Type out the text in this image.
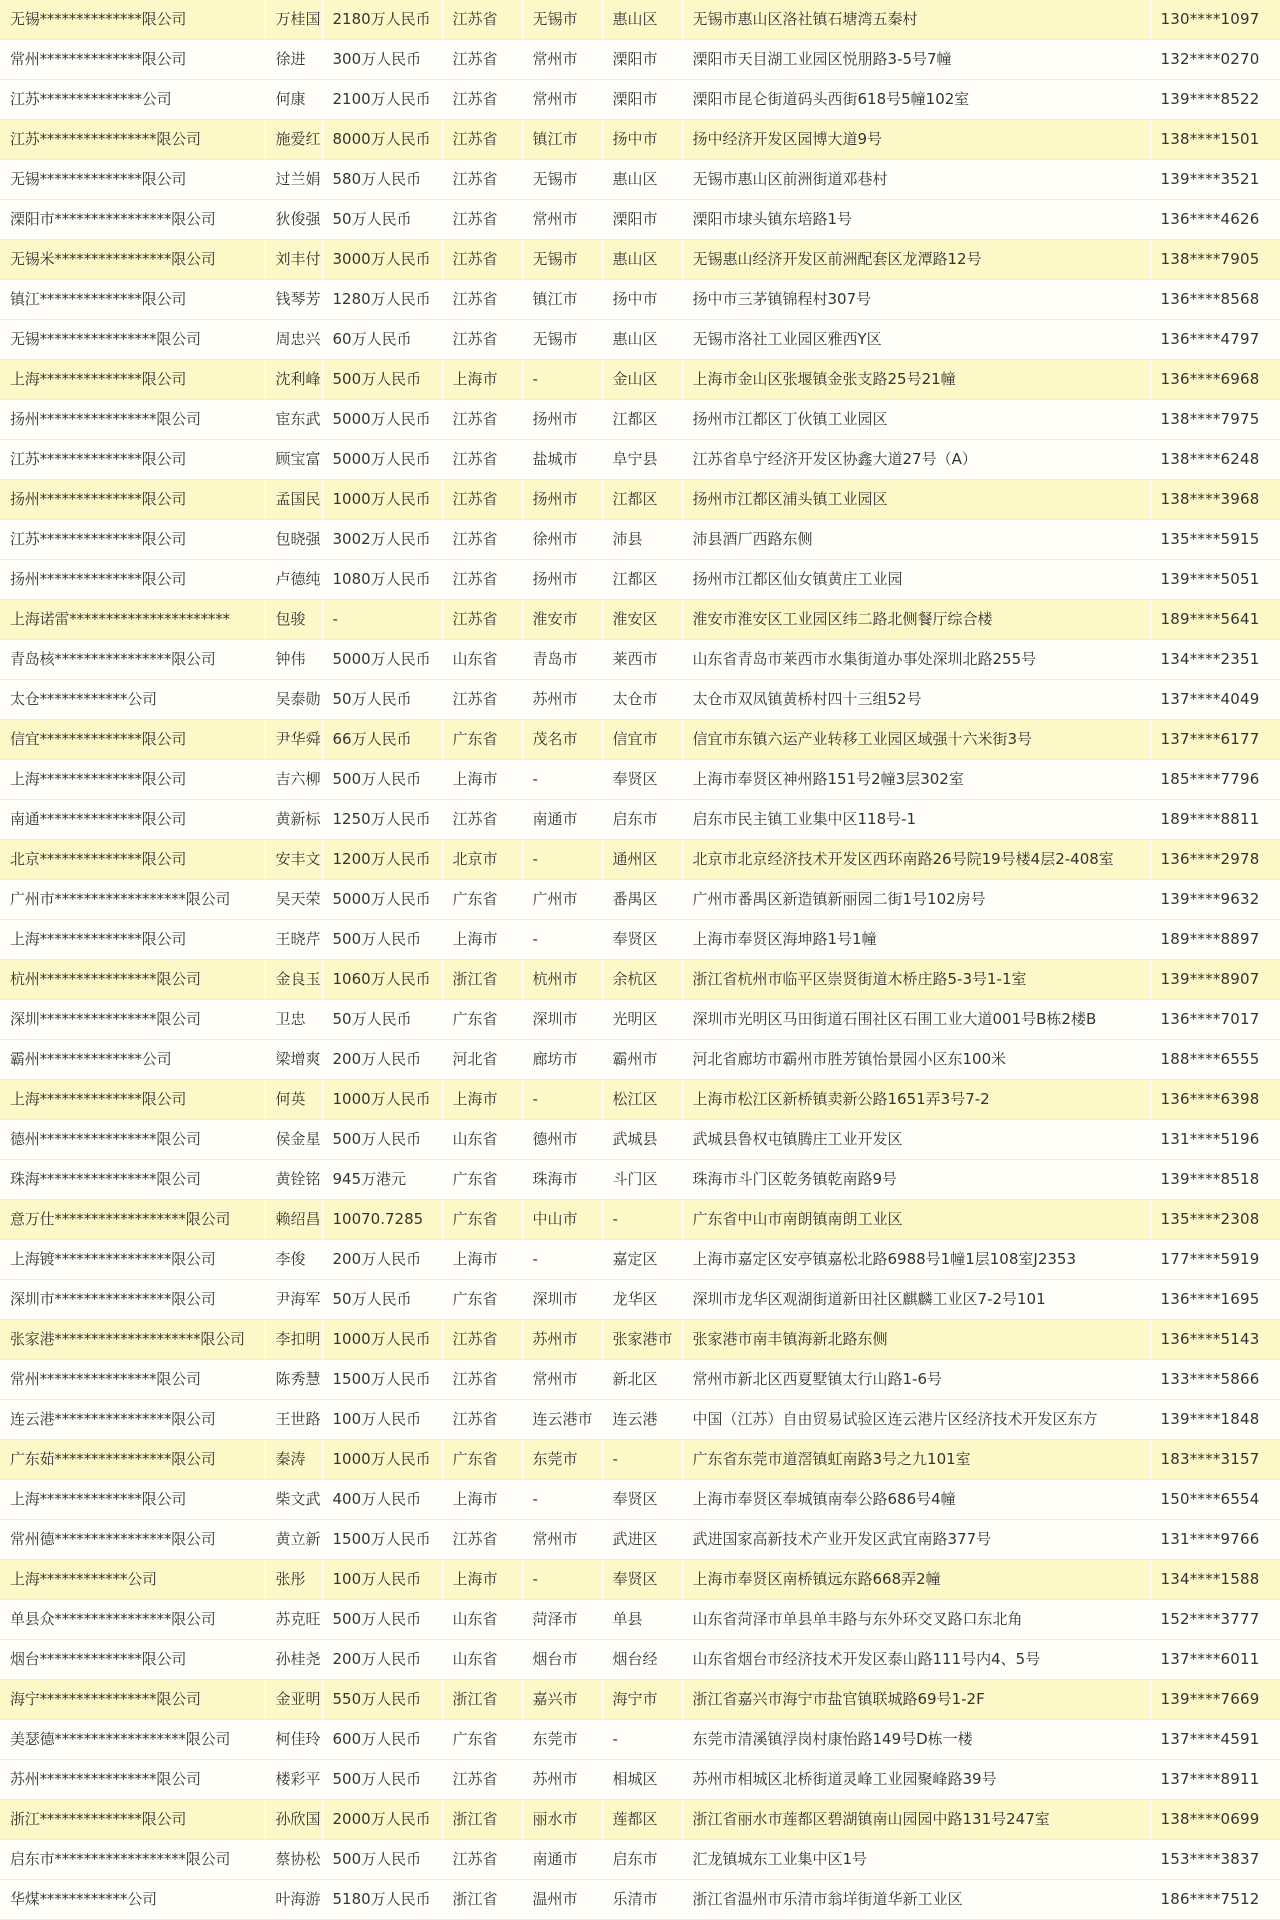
无锡**************限公司	万桂国	2180万人民币	江苏省	无锡市	惠山区	无锡市惠山区洛社镇石塘湾五秦村	130****1097
常州**************限公司	徐进	300万人民币	江苏省	常州市	溧阳市	溧阳市天目湖工业园区悦朋路3-5号7幢	132****0270
江苏**************公司	何康	2100万人民币	江苏省	常州市	溧阳市	溧阳市昆仑街道码头西街618号5幢102室	139****8522
江苏****************限公司	施爱红	8000万人民币	江苏省	镇江市	扬中市	扬中经济开发区园博大道9号	138****1501
无锡**************限公司	过兰娟	580万人民币	江苏省	无锡市	惠山区	无锡市惠山区前洲街道邓巷村	139****3521
溧阳市****************限公司	狄俊强	50万人民币	江苏省	常州市	溧阳市	溧阳市埭头镇东培路1号	136****4626
无锡米****************限公司	刘丰付	3000万人民币	江苏省	无锡市	惠山区	无锡惠山经济开发区前洲配套区龙潭路12号	138****7905
镇江**************限公司	钱琴芳	1280万人民币	江苏省	镇江市	扬中市	扬中市三茅镇锦程村307号	136****8568
无锡****************限公司	周忠兴	60万人民币	江苏省	无锡市	惠山区	无锡市洛社工业园区雅西Y区	136****4797
上海**************限公司	沈利峰	500万人民币	上海市	-	金山区	上海市金山区张堰镇金张支路25号21幢	136****6968
扬州****************限公司	宦东武	5000万人民币	江苏省	扬州市	江都区	扬州市江都区丁伙镇工业园区	138****7975
江苏**************限公司	顾宝富	5000万人民币	江苏省	盐城市	阜宁县	江苏省阜宁经济开发区协鑫大道27号（A）	138****6248
扬州**************限公司	孟国民	1000万人民币	江苏省	扬州市	江都区	扬州市江都区浦头镇工业园区	138****3968
江苏**************限公司	包晓强	3002万人民币	江苏省	徐州市	沛县	沛县酒厂西路东侧	135****5915
扬州**************限公司	卢德纯	1080万人民币	江苏省	扬州市	江都区	扬州市江都区仙女镇黄庄工业园	139****5051
上海诺雷**********************	包骏	-	江苏省	淮安市	淮安区	淮安市淮安区工业园区纬二路北侧餐厅综合楼	189****5641
青岛核****************限公司	钟伟	5000万人民币	山东省	青岛市	莱西市	山东省青岛市莱西市水集街道办事处深圳北路255号	134****2351
太仓************公司	吴泰勋	50万人民币	江苏省	苏州市	太仓市	太仓市双凤镇黄桥村四十三组52号	137****4049
信宜**************限公司	尹华舜	66万人民币	广东省	茂名市	信宜市	信宜市东镇六运产业转移工业园区域强十六米街3号	137****6177
上海**************限公司	吉六柳	500万人民币	上海市	-	奉贤区	上海市奉贤区神州路151号2幢3层302室	185****7796
南通**************限公司	黄新标	1250万人民币	江苏省	南通市	启东市	启东市民主镇工业集中区118号-1	189****8811
北京**************限公司	安丰文	1200万人民币	北京市	-	通州区	北京市北京经济技术开发区西环南路26号院19号楼4层2-408室	136****2978
广州市******************限公司	吴天荣	5000万人民币	广东省	广州市	番禺区	广州市番禺区新造镇新丽园二街1号102房号	139****9632
上海**************限公司	王晓芹	500万人民币	上海市	-	奉贤区	上海市奉贤区海坤路1号1幢	189****8897
杭州****************限公司	金良玉	1060万人民币	浙江省	杭州市	余杭区	浙江省杭州市临平区崇贤街道木桥庄路5-3号1-1室	139****8907
深圳****************限公司	卫忠	50万人民币	广东省	深圳市	光明区	深圳市光明区马田街道石围社区石围工业大道001号B栋2楼B	136****7017
霸州**************公司	梁增爽	200万人民币	河北省	廊坊市	霸州市	河北省廊坊市霸州市胜芳镇怡景园小区东100米	188****6555
上海**************限公司	何英	1000万人民币	上海市	-	松江区	上海市松江区新桥镇卖新公路1651弄3号7-2	136****6398
德州****************限公司	侯金星	500万人民币	山东省	德州市	武城县	武城县鲁权屯镇腾庄工业开发区	131****5196
珠海****************限公司	黄铨铭	945万港元	广东省	珠海市	斗门区	珠海市斗门区乾务镇乾南路9号	139****8518
意万仕******************限公司	赖绍昌	10070.7285	广东省	中山市	-	广东省中山市南朗镇南朗工业区	135****2308
上海镀****************限公司	李俊	200万人民币	上海市	-	嘉定区	上海市嘉定区安亭镇嘉松北路6988号1幢1层108室J2353	177****5919
深圳市****************限公司	尹海军	50万人民币	广东省	深圳市	龙华区	深圳市龙华区观湖街道新田社区麒麟工业区7-2号101	136****1695
张家港********************限公司	李扣明	1000万人民币	江苏省	苏州市	张家港市	张家港市南丰镇海新北路东侧	136****5143
常州****************限公司	陈秀慧	1500万人民币	江苏省	常州市	新北区	常州市新北区西夏墅镇太行山路1-6号	133****5866
连云港****************限公司	王世路	100万人民币	江苏省	连云港市	连云港	中国（江苏）自由贸易试验区连云港片区经济技术开发区东方	139****1848
广东茹****************限公司	秦涛	1000万人民币	广东省	东莞市	-	广东省东莞市道滘镇虹南路3号之九101室	183****3157
上海**************限公司	柴文武	400万人民币	上海市	-	奉贤区	上海市奉贤区奉城镇南奉公路686号4幢	150****6554
常州德****************限公司	黄立新	1500万人民币	江苏省	常州市	武进区	武进国家高新技术产业开发区武宜南路377号	131****9766
上海************公司	张彤	100万人民币	上海市	-	奉贤区	上海市奉贤区南桥镇远东路668弄2幢	134****1588
单县众****************限公司	苏克旺	500万人民币	山东省	菏泽市	单县	山东省菏泽市单县单丰路与东外环交叉路口东北角	152****3777
烟台**************限公司	孙桂尧	200万人民币	山东省	烟台市	烟台经	山东省烟台市经济技术开发区泰山路111号内4、5号	137****6011
海宁****************限公司	金亚明	550万人民币	浙江省	嘉兴市	海宁市	浙江省嘉兴市海宁市盐官镇联城路69号1-2F	139****7669
美瑟德******************限公司	柯佳玲	600万人民币	广东省	东莞市	-	东莞市清溪镇浮岗村康怡路149号D栋一楼	137****4591
苏州****************限公司	楼彩平	500万人民币	江苏省	苏州市	相城区	苏州市相城区北桥街道灵峰工业园聚峰路39号	137****8911
浙江**************限公司	孙欣国	2000万人民币	浙江省	丽水市	莲都区	浙江省丽水市莲都区碧湖镇南山园园中路131号247室	138****0699
启东市******************限公司	蔡协松	500万人民币	江苏省	南通市	启东市	汇龙镇城东工业集中区1号	153****3837
华煤************公司	叶海游	5180万人民币	浙江省	温州市	乐清市	浙江省温州市乐清市翁垟街道华新工业区	186****7512
